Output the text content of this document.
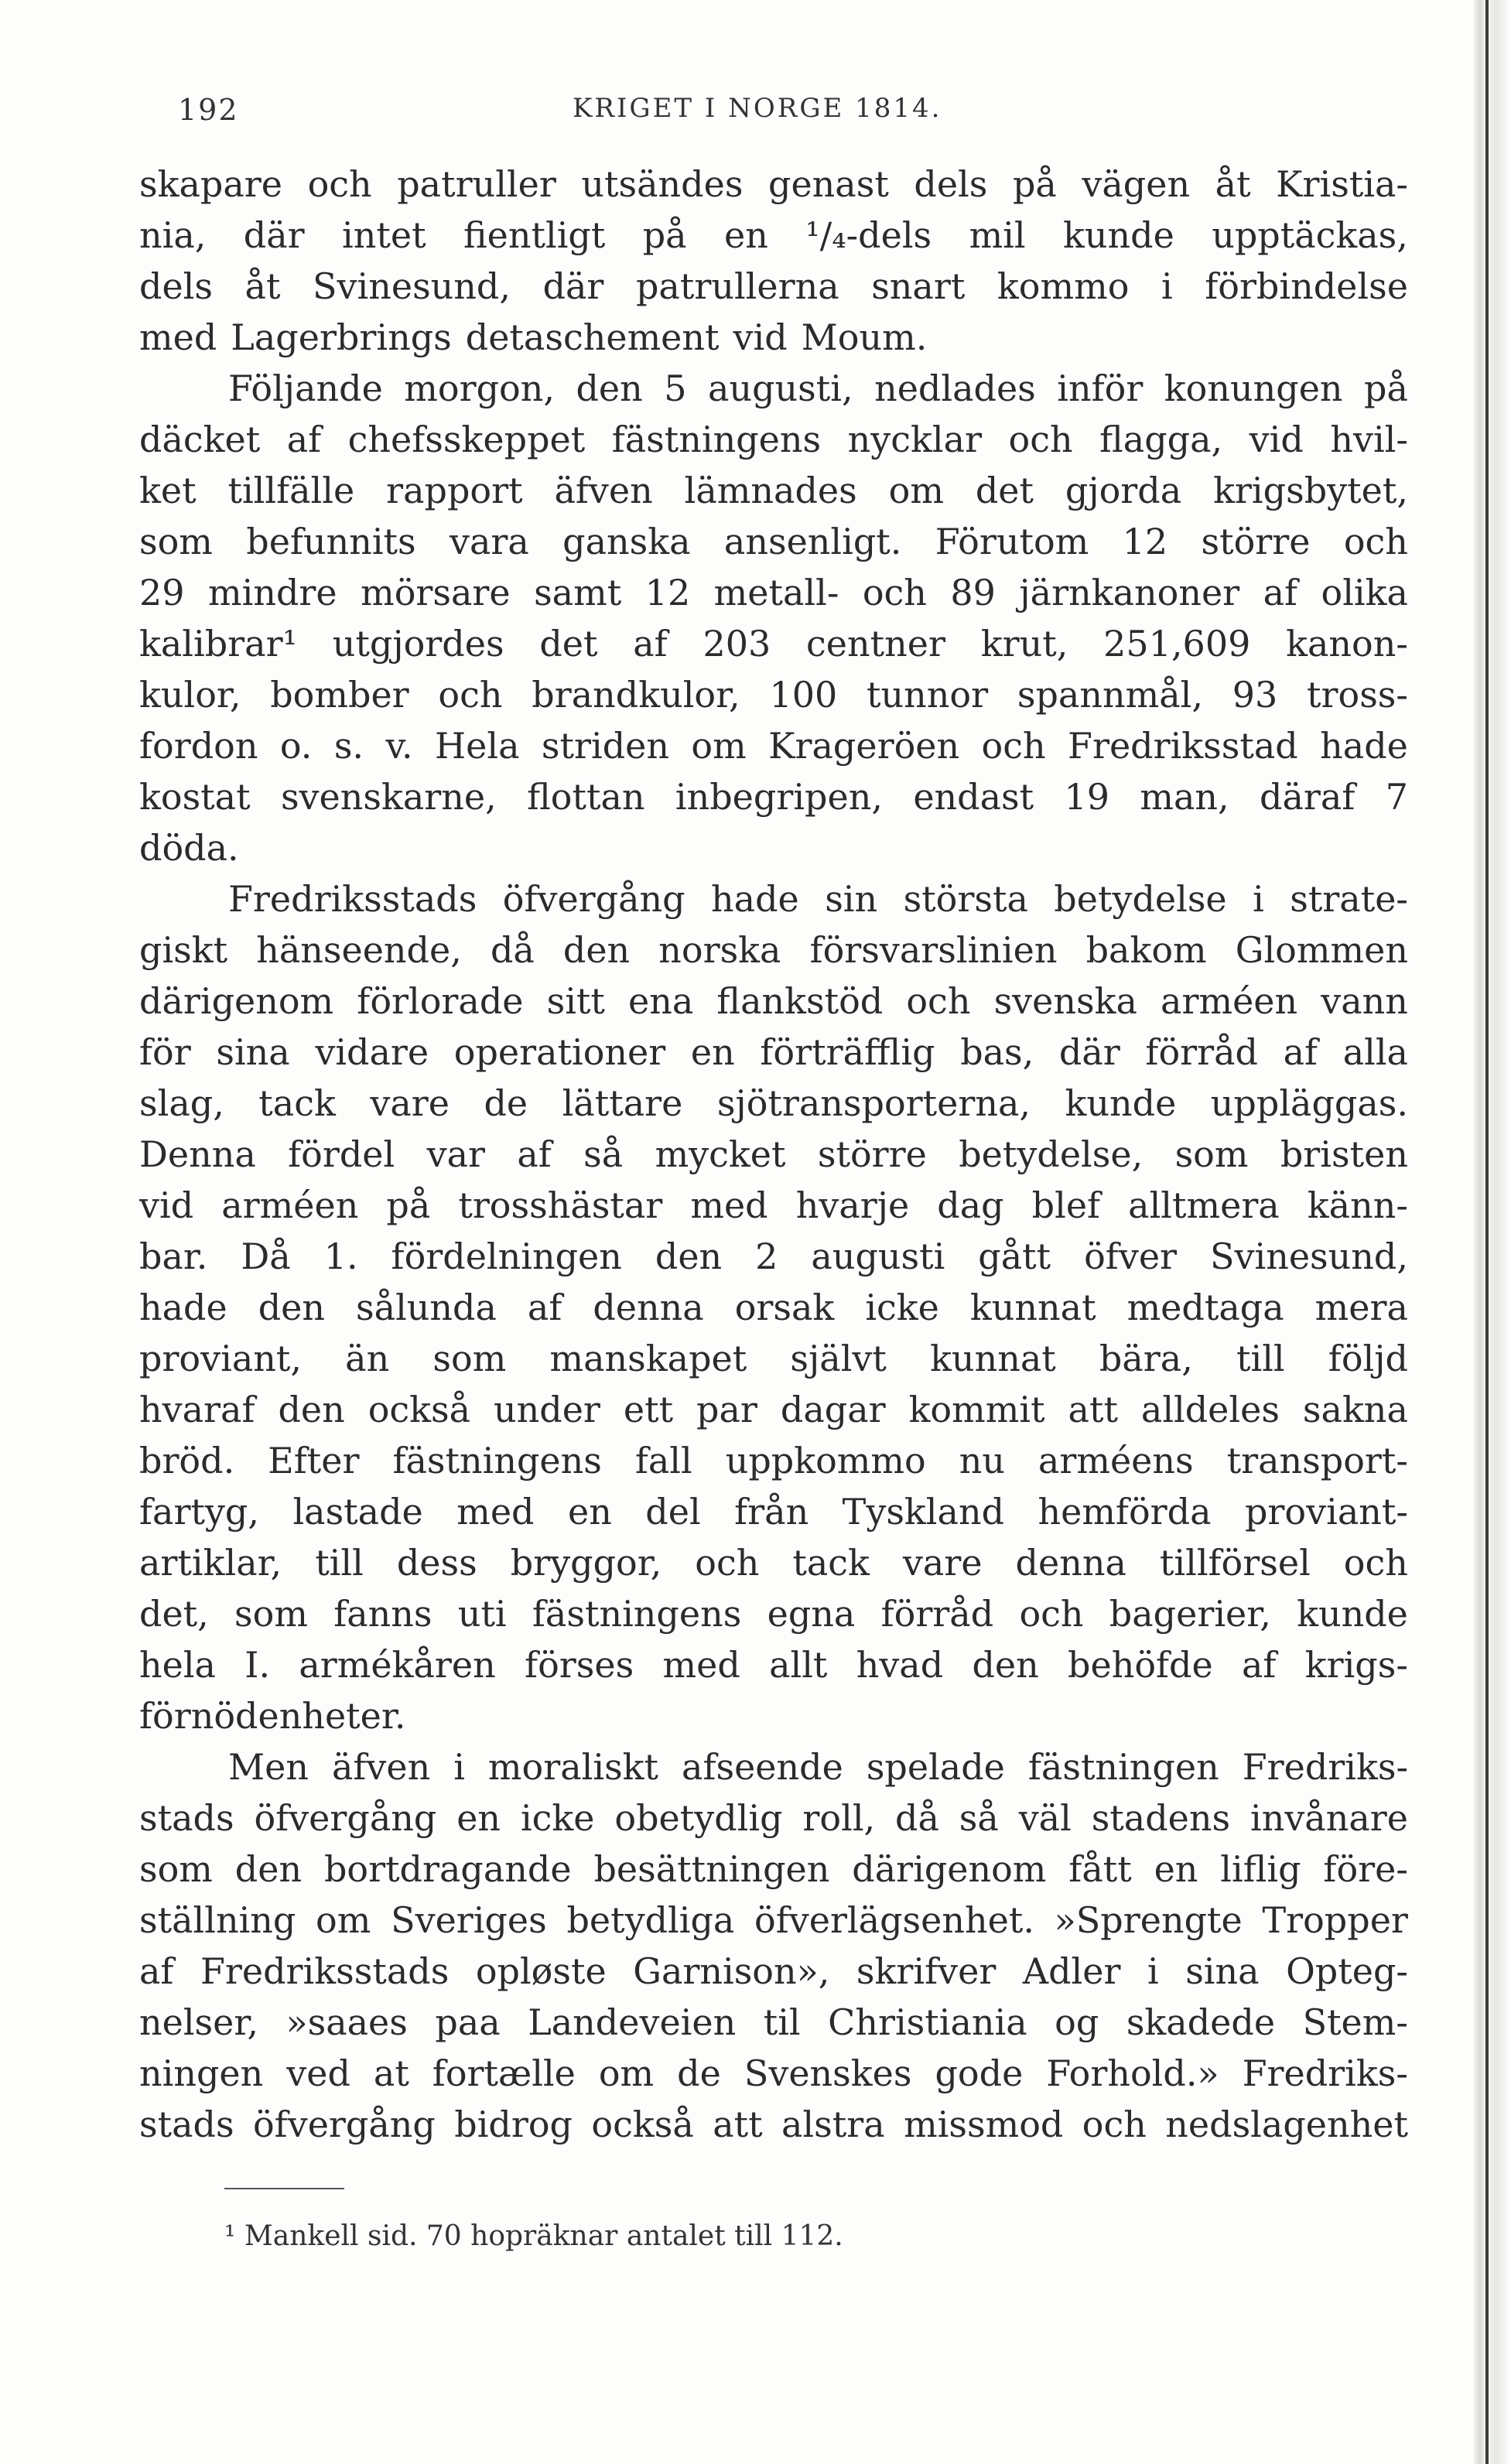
192	KRIGET I NORGE 1814.
skapare och patruller utsändes genast dels på vägen åt Kristia-
nia, där intet fientligt på en ¹/₄-dels mil kunde upptäckas,
dels åt Svinesund, där patrullerna snart kommo i förbindelse
med Lagerbrings detaschement vid Moum.
Följande morgon, den 5 augusti, nedlades inför konungen på
däcket af chefsskeppet fästningens nycklar och flagga, vid hvil-
ket tillfälle rapport äfven lämnades om det gjorda krigsbytet,
som befunnits vara ganska ansenligt. Förutom 12 större och
29 mindre mörsare samt 12 metall- och 89 järnkanoner af olika
kalibrar¹ utgjordes det af 203 centner krut, 251,609 kanon-
kulor, bomber och brandkulor, 100 tunnor spannmål, 93 tross-
fordon o. s. v. Hela striden om Krageröen och Fredriksstad hade
kostat svenskarne, flottan inbegripen, endast 19 man, däraf 7
döda.
Fredriksstads öfvergång hade sin största betydelse i strate-
giskt hänseende, då den norska försvarslinien bakom Glommen
därigenom förlorade sitt ena flankstöd och svenska arméen vann
för sina vidare operationer en förträfflig bas, där förråd af alla
slag, tack vare de lättare sjötransporterna, kunde uppläggas.
Denna fördel var af så mycket större betydelse, som bristen
vid arméen på trosshästar med hvarje dag blef alltmera känn-
bar. Då 1. fördelningen den 2 augusti gått öfver Svinesund,
hade den sålunda af denna orsak icke kunnat medtaga mera
proviant, än som manskapet självt kunnat bära, till följd
hvaraf den också under ett par dagar kommit att alldeles sakna
bröd. Efter fästningens fall uppkommo nu arméens transport-
fartyg, lastade med en del från Tyskland hemförda proviant-
artiklar, till dess bryggor, och tack vare denna tillförsel och
det, som fanns uti fästningens egna förråd och bagerier, kunde
hela I. armékåren förses med allt hvad den behöfde af krigs-
förnödenheter.
Men äfven i moraliskt afseende spelade fästningen Fredriks-
stads öfvergång en icke obetydlig roll, då så väl stadens invånare
som den bortdragande besättningen därigenom fått en liflig före-
ställning om Sveriges betydliga öfverlägsenhet. »Sprengte Tropper
af Fredriksstads opløste Garnison», skrifver Adler i sina Opteg-
nelser, »saaes paa Landeveien til Christiania og skadede Stem-
ningen ved at fortælle om de Svenskes gode Forhold.» Fredriks-
stads öfvergång bidrog också att alstra missmod och nedslagenhet
¹ Mankell sid. 70 hopräknar antalet till 112.
